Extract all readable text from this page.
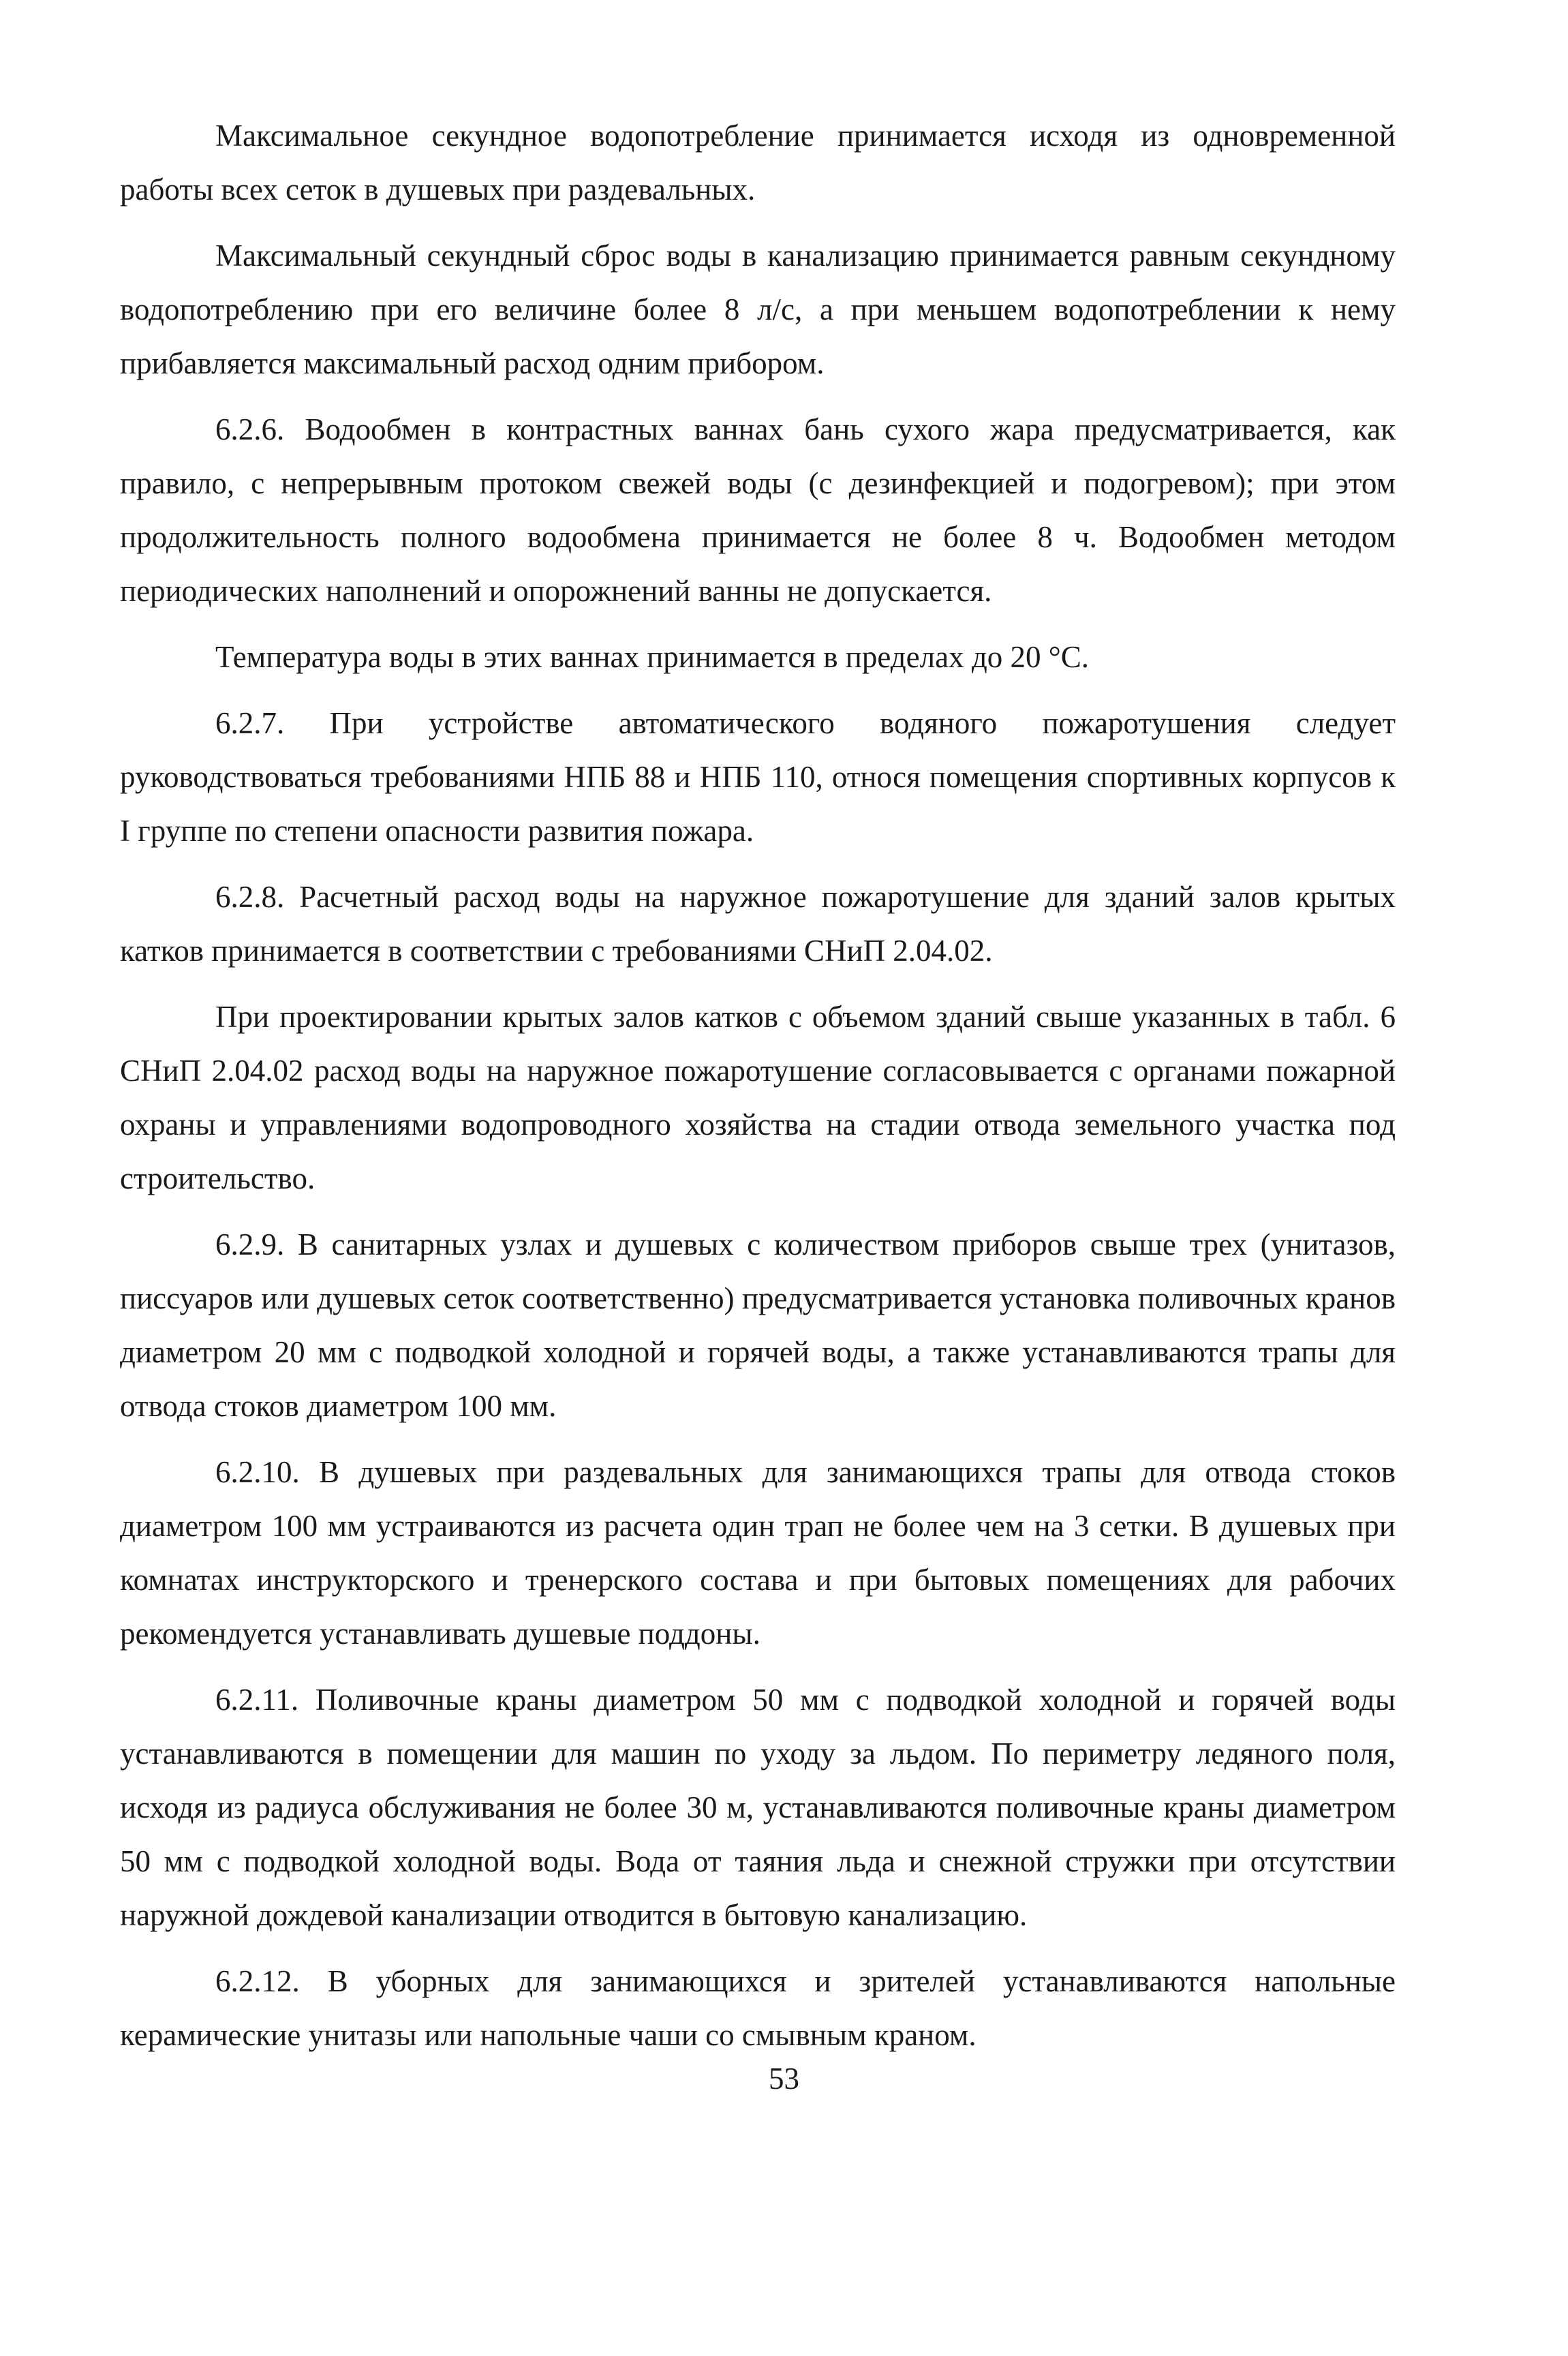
Максимальное секундное водопотребление принимается исходя из одновременной работы всех сеток в душевых при раздевальных.

Максимальный секундный сброс воды в канализацию принимается равным секундному водопотреблению при его величине более 8 л/с, а при меньшем водопотреблении к нему прибавляется максимальный расход одним прибором.

6.2.6. Водообмен в контрастных ваннах бань сухого жара предусматривается, как правило, с непрерывным протоком свежей воды (с дезинфекцией и подогревом); при этом продолжительность полного водообмена принимается не более 8 ч. Водообмен методом периодических наполнений и опорожнений ванны не допускается.

Температура воды в этих ваннах принимается в пределах до 20 °С.

6.2.7. При устройстве автоматического водяного пожаротушения следует руководствоваться требованиями НПБ 88 и НПБ 110, относя помещения спортивных корпусов к I группе по степени опасности развития пожара.

6.2.8. Расчетный расход воды на наружное пожаротушение для зданий залов крытых катков принимается в соответствии с требованиями СНиП 2.04.02.

При проектировании крытых залов катков с объемом зданий свыше указанных в табл. 6 СНиП 2.04.02 расход воды на наружное пожаротушение согласовывается с органами пожарной охраны и управлениями водопроводного хозяйства на стадии отвода земельного участка под строительство.

6.2.9. В санитарных узлах и душевых с количеством приборов свыше трех (унитазов, писсуаров или душевых сеток соответственно) предусматривается установка поливочных кранов диаметром 20 мм с подводкой холодной и горячей воды, а также устанавливаются трапы для отвода стоков диаметром 100 мм.

6.2.10. В душевых при раздевальных для занимающихся трапы для отвода стоков диаметром 100 мм устраиваются из расчета один трап не более чем на 3 сетки. В душевых при комнатах инструкторского и тренерского состава и при бытовых помещениях для рабочих рекомендуется устанавливать душевые поддоны.

6.2.11. Поливочные краны диаметром 50 мм с подводкой холодной и горячей воды устанавливаются в помещении для машин по уходу за льдом. По периметру ледяного поля, исходя из радиуса обслуживания не более 30 м, устанавливаются поливочные краны диаметром 50 мм с подводкой холодной воды. Вода от таяния льда и снежной стружки при отсутствии наружной дождевой канализации отводится в бытовую канализацию.

6.2.12. В уборных для занимающихся и зрителей устанавливаются напольные керамические унитазы или напольные чаши со смывным краном.

53
